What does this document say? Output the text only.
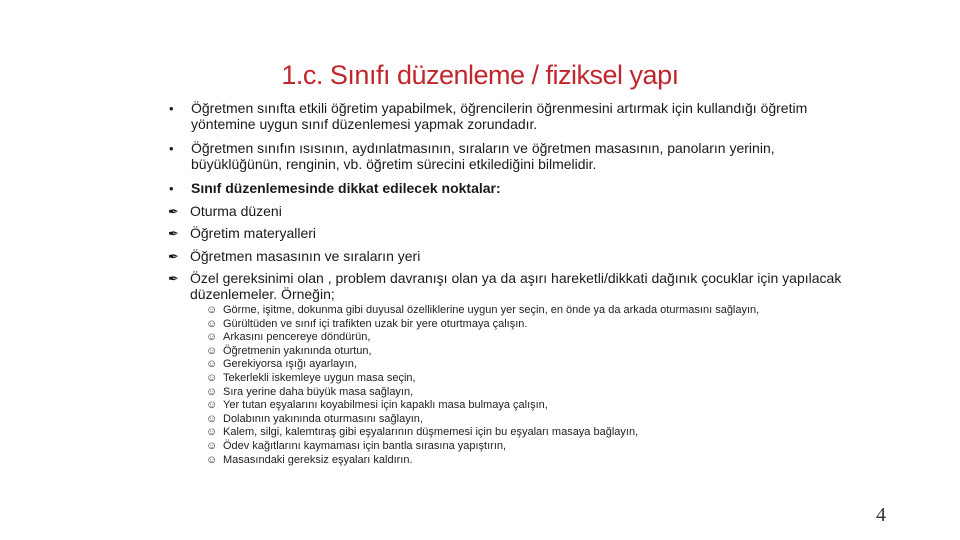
1.c. Sınıfı düzenleme / fiziksel yapı
•	Öğretmen sınıfta etkili öğretim yapabilmek, öğrencilerin öğrenmesini artırmak için kullandığı öğretim yöntemine uygun sınıf düzenlemesi yapmak zorundadır.
•	Öğretmen sınıfın ısısının, aydınlatmasının, sıraların ve öğretmen masasının, panoların yerinin, büyüklüğünün, renginin, vb. öğretim sürecini etkilediğini bilmelidir.
•	Sınıf düzenlemesinde dikkat edilecek noktalar:
✒ Oturma düzeni
✒ Öğretim materyalleri
✒ Öğretmen masasının ve sıraların yeri
✒ Özel gereksinimi olan , problem davranışı olan ya da aşırı hareketli/dikkati dağınık çocuklar için yapılacak düzenlemeler. Örneğin;
☺ Görme, işitme, dokunma gibi duyusal özelliklerine uygun yer seçin, en önde ya da arkada oturmasını sağlayın,
☺ Gürültüden ve sınıf içi trafikten uzak bir yere oturtmaya çalışın.
☺ Arkasını pencereye döndürün,
☺ Öğretmenin yakınında oturtun,
☺ Gerekiyorsa ışığı ayarlayın,
☺ Tekerlekli iskemleye uygun masa seçin,
☺ Sıra yerine daha büyük masa sağlayın,
☺ Yer tutan eşyalarını koyabilmesi için kapaklı masa bulmaya çalışın,
☺ Dolabının yakınında oturmasını sağlayın,
☺ Kalem, silgi, kalemtıraş gibi eşyalarının düşmemesi için bu eşyaları masaya bağlayın,
☺ Ödev kağıtlarını kaymaması için bantla sırasına yapıştırın,
☺ Masasındaki gereksiz eşyaları kaldırın.
4
